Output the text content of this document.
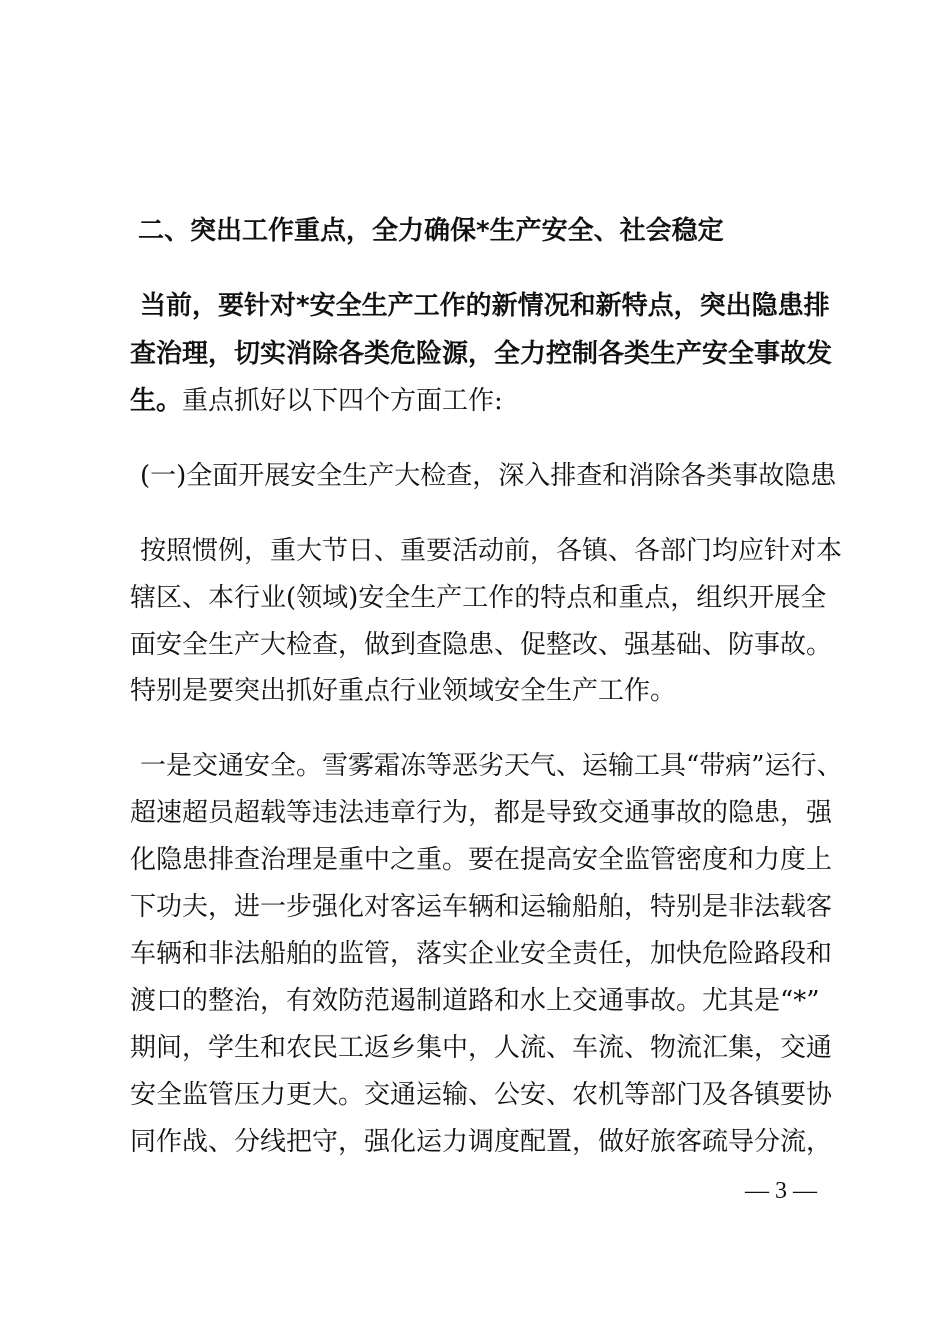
二、突出工作重点，全力确保*生产安全、社会稳定
当前，要针对*安全生产工作的新情况和新特点，突出隐患排
查治理，切实消除各类危险源，全力控制各类生产安全事故发
生。重点抓好以下四个方面工作:
(一)全面开展安全生产大检查，深入排查和消除各类事故隐患
按照惯例，重大节日、重要活动前，各镇、各部门均应针对本
辖区、本行业(领域)安全生产工作的特点和重点，组织开展全
面安全生产大检查，做到查隐患、促整改、强基础、防事故。
特别是要突出抓好重点行业领域安全生产工作。
一是交通安全。雪雾霜冻等恶劣天气、运输工具“带病”运行、
超速超员超载等违法违章行为，都是导致交通事故的隐患，强
化隐患排查治理是重中之重。要在提高安全监管密度和力度上
下功夫，进一步强化对客运车辆和运输船舶，特别是非法载客
车辆和非法船舶的监管，落实企业安全责任，加快危险路段和
渡口的整治，有效防范遏制道路和水上交通事故。尤其是“*”
期间，学生和农民工返乡集中，人流、车流、物流汇集，交通
安全监管压力更大。交通运输、公安、农机等部门及各镇要协
同作战、分线把守，强化运力调度配置，做好旅客疏导分流，
— 3 —
